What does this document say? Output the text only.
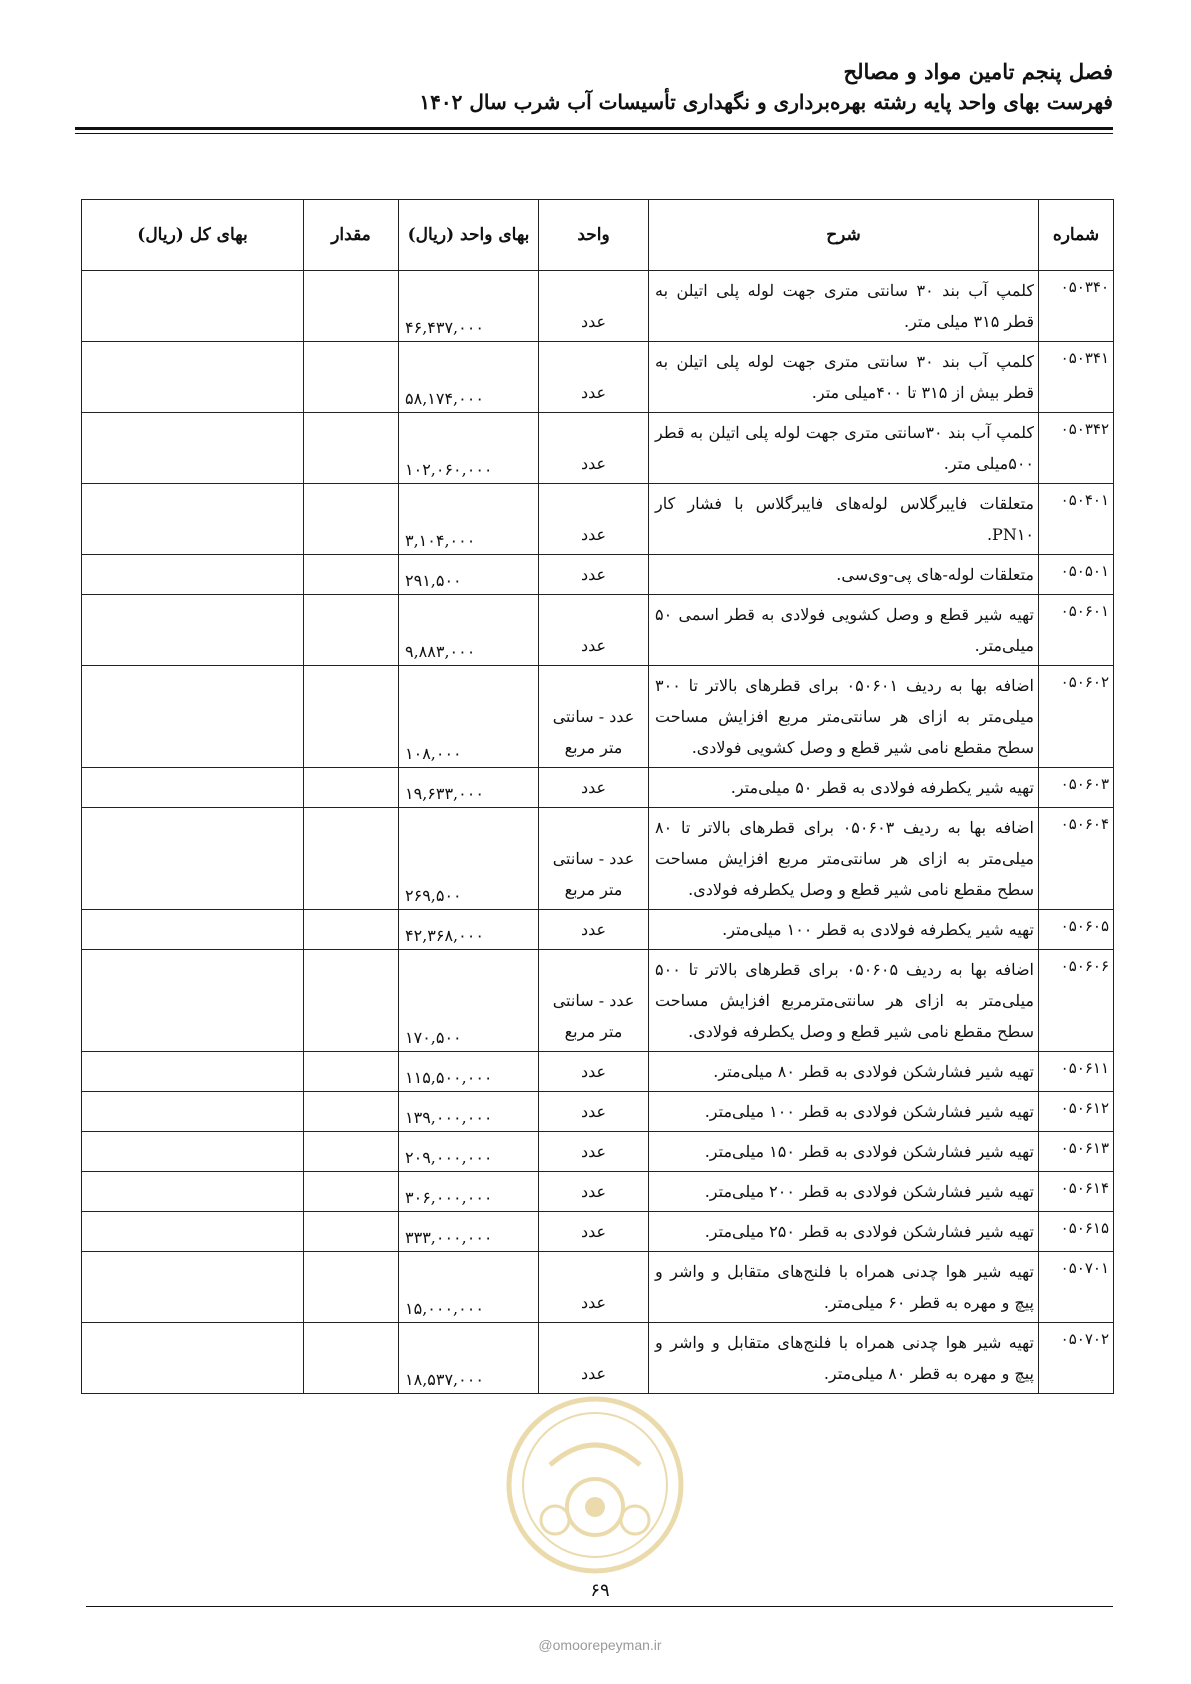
فصل پنجم تامین مواد و مصالح
فهرست بهای واحد پایه رشته بهره‌برداری و نگهداری تأسیسات آب شرب سال ۱۴۰۲
شماره	شرح	واحد	بهای واحد (ریال)	مقدار	بهای کل (ریال)
۰۵۰۳۴۰	کلمپ آب بند ۳۰ سانتی متری جهت لوله پلی اتیلن به قطر ۳۱۵ میلی متر.	عدد	۴۶,۴۳۷,۰۰۰		
۰۵۰۳۴۱	کلمپ آب بند ۳۰ سانتی متری جهت لوله پلی اتیلن به قطر بیش از ۳۱۵ تا ۴۰۰میلی متر.	عدد	۵۸,۱۷۴,۰۰۰		
۰۵۰۳۴۲	کلمپ آب بند ۳۰سانتی متری جهت لوله پلی اتیلن به قطر ۵۰۰میلی متر.	عدد	۱۰۲,۰۶۰,۰۰۰		
۰۵۰۴۰۱	متعلقات فایبرگلاس لوله‌های فایبرگلاس با فشار کار PN۱۰.	عدد	۳,۱۰۴,۰۰۰		
۰۵۰۵۰۱	متعلقات لوله-های پی-وی‌سی.	عدد	۲۹۱,۵۰۰		
۰۵۰۶۰۱	تهیه شیر قطع و وصل کشویی فولادی به قطر اسمی ۵۰ میلی‌متر.	عدد	۹,۸۸۳,۰۰۰		
۰۵۰۶۰۲	اضافه بها به ردیف ۰۵۰۶۰۱ برای قطرهای بالاتر تا ۳۰۰ میلی‌متر به ازای هر سانتی‌متر مربع افزایش مساحت سطح مقطع نامی شیر قطع و وصل کشویی فولادی.	عدد - سانتی متر مربع	۱۰۸,۰۰۰		
۰۵۰۶۰۳	تهیه شیر یکطرفه فولادی به قطر ۵۰ میلی‌متر.	عدد	۱۹,۶۳۳,۰۰۰		
۰۵۰۶۰۴	اضافه بها به ردیف ۰۵۰۶۰۳ برای قطرهای بالاتر تا ۸۰ میلی‌متر به ازای هر سانتی‌متر مربع افزایش مساحت سطح مقطع نامی شیر قطع و وصل یکطرفه فولادی.	عدد - سانتی متر مربع	۲۶۹,۵۰۰		
۰۵۰۶۰۵	تهیه شیر یکطرفه فولادی به قطر ۱۰۰ میلی‌متر.	عدد	۴۲,۳۶۸,۰۰۰		
۰۵۰۶۰۶	اضافه بها به ردیف ۰۵۰۶۰۵ برای قطرهای بالاتر تا ۵۰۰ میلی‌متر به ازای هر سانتی‌مترمربع افزایش مساحت سطح مقطع نامی شیر قطع و وصل یکطرفه فولادی.	عدد - سانتی متر مربع	۱۷۰,۵۰۰		
۰۵۰۶۱۱	تهیه شیر فشارشکن فولادی به قطر ۸۰ میلی‌متر.	عدد	۱۱۵,۵۰۰,۰۰۰		
۰۵۰۶۱۲	تهیه شیر فشارشکن فولادی به قطر ۱۰۰ میلی‌متر.	عدد	۱۳۹,۰۰۰,۰۰۰		
۰۵۰۶۱۳	تهیه شیر فشارشکن فولادی به قطر ۱۵۰ میلی‌متر.	عدد	۲۰۹,۰۰۰,۰۰۰		
۰۵۰۶۱۴	تهیه شیر فشارشکن فولادی به قطر ۲۰۰ میلی‌متر.	عدد	۳۰۶,۰۰۰,۰۰۰		
۰۵۰۶۱۵	تهیه شیر فشارشکن فولادی به قطر ۲۵۰ میلی‌متر.	عدد	۳۳۳,۰۰۰,۰۰۰		
۰۵۰۷۰۱	تهیه شیر هوا چدنی همراه با فلنج‌های متقابل و واشر و پیچ و مهره به قطر ۶۰ میلی‌متر.	عدد	۱۵,۰۰۰,۰۰۰		
۰۵۰۷۰۲	تهیه شیر هوا چدنی همراه با فلنج‌های متقابل و واشر و پیچ و مهره به قطر ۸۰ میلی‌متر.	عدد	۱۸,۵۳۷,۰۰۰		
۶۹
@omoorepeyman.ir
